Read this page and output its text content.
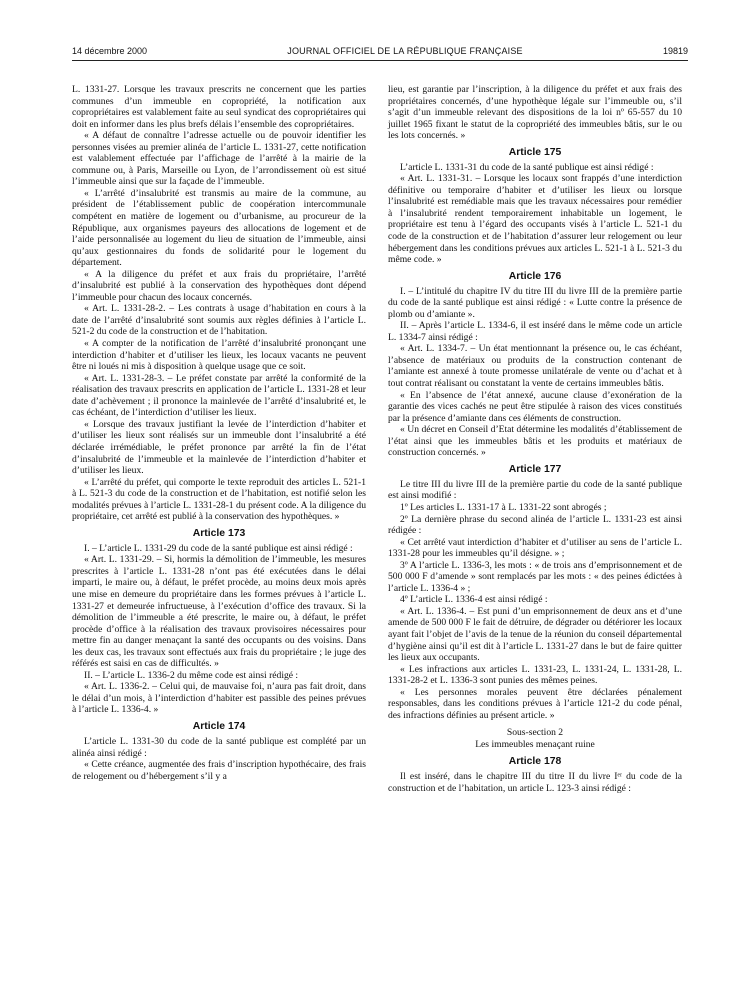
14 décembre 2000	JOURNAL OFFICIEL DE LA RÉPUBLIQUE FRANÇAISE	19819

L. 1331-27. Lorsque les travaux prescrits ne concernent que les parties communes d’un immeuble en copropriété, la notification aux copropriétaires est valablement faite au seul syndicat des copropriétaires qui doit en informer dans les plus brefs délais l’ensemble des copropriétaires.

« A défaut de connaître l’adresse actuelle ou de pouvoir identifier les personnes visées au premier alinéa de l’article L. 1331-27, cette notification est valablement effectuée par l’affichage de l’arrêté à la mairie de la commune ou, à Paris, Marseille ou Lyon, de l’arrondissement où est situé l’immeuble ainsi que sur la façade de l’immeuble.

« L’arrêté d’insalubrité est transmis au maire de la commune, au président de l’établissement public de coopération intercommunale compétent en matière de logement ou d’urbanisme, au procureur de la République, aux organismes payeurs des allocations de logement et de l’aide personnalisée au logement du lieu de situation de l’immeuble, ainsi qu’aux gestionnaires du fonds de solidarité pour le logement du département.

« A la diligence du préfet et aux frais du propriétaire, l’arrêté d’insalubrité est publié à la conservation des hypothèques dont dépend l’immeuble pour chacun des locaux concernés.

« Art. L. 1331-28-2. – Les contrats à usage d’habitation en cours à la date de l’arrêté d’insalubrité sont soumis aux règles définies à l’article L. 521-2 du code de la construction et de l’habitation.

« A compter de la notification de l’arrêté d’insalubrité prononçant une interdiction d’habiter et d’utiliser les lieux, les locaux vacants ne peuvent être ni loués ni mis à disposition à quelque usage que ce soit.

« Art. L. 1331-28-3. – Le préfet constate par arrêté la conformité de la réalisation des travaux prescrits en application de l’article L. 1331-28 et leur date d’achèvement ; il prononce la mainlevée de l’arrêté d’insalubrité et, le cas échéant, de l’interdiction d’utiliser les lieux.

« Lorsque des travaux justifiant la levée de l’interdiction d’habiter et d’utiliser les lieux sont réalisés sur un immeuble dont l’insalubrité a été déclarée irrémédiable, le préfet prononce par arrêté la fin de l’état d’insalubrité de l’immeuble et la mainlevée de l’interdiction d’habiter et d’utiliser les lieux.

« L’arrêté du préfet, qui comporte le texte reproduit des articles L. 521-1 à L. 521-3 du code de la construction et de l’habitation, est notifié selon les modalités prévues à l’article L. 1331-28-1 du présent code. A la diligence du propriétaire, cet arrêté est publié à la conservation des hypothèques. »

Article 173

I. – L’article L. 1331-29 du code de la santé publique est ainsi rédigé :

« Art. L. 1331-29. – Si, hormis la démolition de l’immeuble, les mesures prescrites à l’article L. 1331-28 n’ont pas été exécutées dans le délai imparti, le maire ou, à défaut, le préfet procède, au moins deux mois après une mise en demeure du propriétaire dans les formes prévues à l’article L. 1331-27 et demeurée infructueuse, à l’exécution d’office des travaux. Si la démolition de l’immeuble a été prescrite, le maire ou, à défaut, le préfet procède d’office à la réalisation des travaux provisoires nécessaires pour mettre fin au danger menaçant la santé des occupants ou des voisins. Dans les deux cas, les travaux sont effectués aux frais du propriétaire ; le juge des référés est saisi en cas de difficultés. »

II. – L’article L. 1336-2 du même code est ainsi rédigé :

« Art. L. 1336-2. – Celui qui, de mauvaise foi, n’aura pas fait droit, dans le délai d’un mois, à l’interdiction d’habiter est passible des peines prévues à l’article L. 1336-4. »

Article 174

L’article L. 1331-30 du code de la santé publique est complété par un alinéa ainsi rédigé :

« Cette créance, augmentée des frais d’inscription hypothécaire, des frais de relogement ou d’hébergement s’il y a

lieu, est garantie par l’inscription, à la diligence du préfet et aux frais des propriétaires concernés, d’une hypothèque légale sur l’immeuble ou, s’il s’agit d’un immeuble relevant des dispositions de la loi nº 65-557 du 10 juillet 1965 fixant le statut de la copropriété des immeubles bâtis, sur le ou les lots concernés. »

Article 175

L’article L. 1331-31 du code de la santé publique est ainsi rédigé :

« Art. L. 1331-31. – Lorsque les locaux sont frappés d’une interdiction définitive ou temporaire d’habiter et d’utiliser les lieux ou lorsque l’insalubrité est remédiable mais que les travaux nécessaires pour remédier à l’insalubrité rendent temporairement inhabitable un logement, le propriétaire est tenu à l’égard des occupants visés à l’article L. 521-1 du code de la construction et de l’habitation d’assurer leur relogement ou leur hébergement dans les conditions prévues aux articles L. 521-1 à L. 521-3 du même code. »

Article 176

I. – L’intitulé du chapitre IV du titre III du livre III de la première partie du code de la santé publique est ainsi rédigé : « Lutte contre la présence de plomb ou d’amiante ».

II. – Après l’article L. 1334-6, il est inséré dans le même code un article L. 1334-7 ainsi rédigé :

« Art. L. 1334-7. – Un état mentionnant la présence ou, le cas échéant, l’absence de matériaux ou produits de la construction contenant de l’amiante est annexé à toute promesse unilatérale de vente ou d’achat et à tout contrat réalisant ou constatant la vente de certains immeubles bâtis.

« En l’absence de l’état annexé, aucune clause d’exonération de la garantie des vices cachés ne peut être stipulée à raison des vices constitués par la présence d’amiante dans ces éléments de construction.

« Un décret en Conseil d’Etat détermine les modalités d’établissement de l’état ainsi que les immeubles bâtis et les produits et matériaux de construction concernés. »

Article 177

Le titre III du livre III de la première partie du code de la santé publique est ainsi modifié :

1º Les articles L. 1331-17 à L. 1331-22 sont abrogés ;

2º La dernière phrase du second alinéa de l’article L. 1331-23 est ainsi rédigée :

« Cet arrêté vaut interdiction d’habiter et d’utiliser au sens de l’article L. 1331-28 pour les immeubles qu’il désigne. » ;

3º A l’article L. 1336-3, les mots : « de trois ans d’emprisonnement et de 500 000 F d’amende » sont remplacés par les mots : « des peines édictées à l’article L. 1336-4 » ;

4º L’article L. 1336-4 est ainsi rédigé :

« Art. L. 1336-4. – Est puni d’un emprisonnement de deux ans et d’une amende de 500 000 F le fait de détruire, de dégrader ou détériorer les locaux ayant fait l’objet de l’avis de la tenue de la réunion du conseil départemental d’hygiène ainsi qu’il est dit à l’article L. 1331-27 dans le but de faire quitter les lieux aux occupants.

« Les infractions aux articles L. 1331-23, L. 1331-24, L. 1331-28, L. 1331-28-2 et L. 1336-3 sont punies des mêmes peines.

« Les personnes morales peuvent être déclarées pénalement responsables, dans les conditions prévues à l’article 121-2 du code pénal, des infractions définies au présent article. »

Sous-section 2

Les immeubles menaçant ruine

Article 178

Il est inséré, dans le chapitre III du titre II du livre Iᵉʳ du code de la construction et de l’habitation, un article L. 123-3 ainsi rédigé :
